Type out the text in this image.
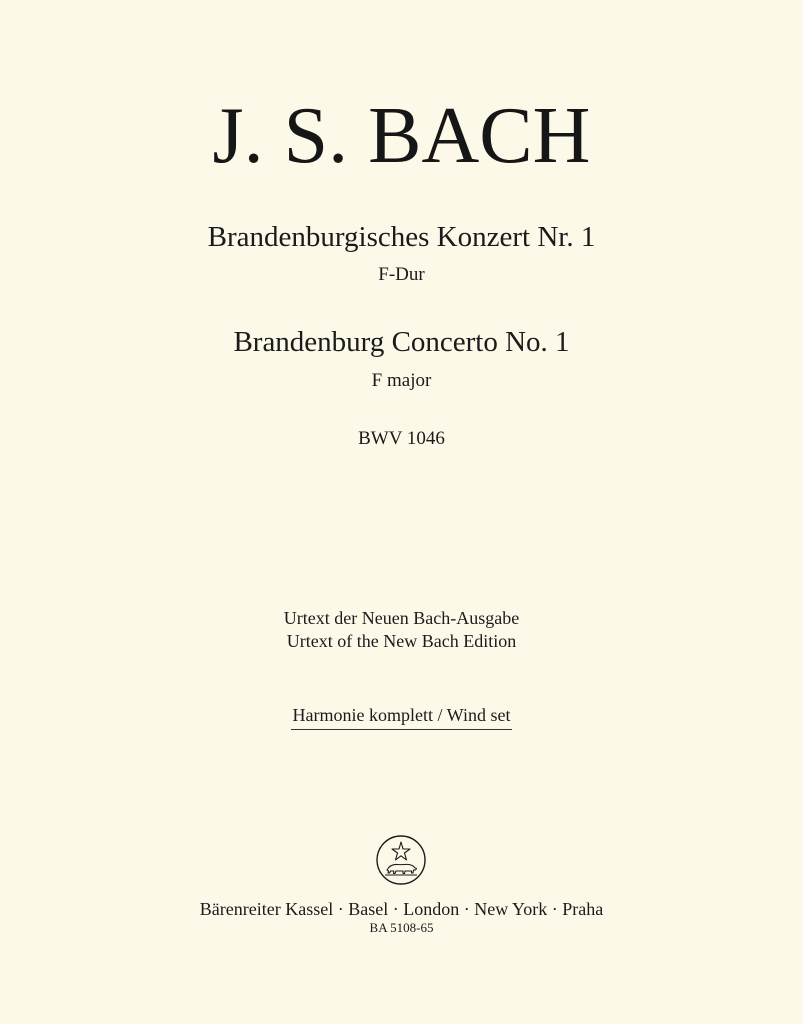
J. S. BACH
Brandenburgisches Konzert Nr. 1
F-Dur
Brandenburg Concerto No. 1
F major
BWV 1046
Urtext der Neuen Bach-Ausgabe
Urtext of the New Bach Edition
Harmonie komplett / Wind set
Bärenreiter Kassel · Basel · London · New York · Praha
BA 5108-65
